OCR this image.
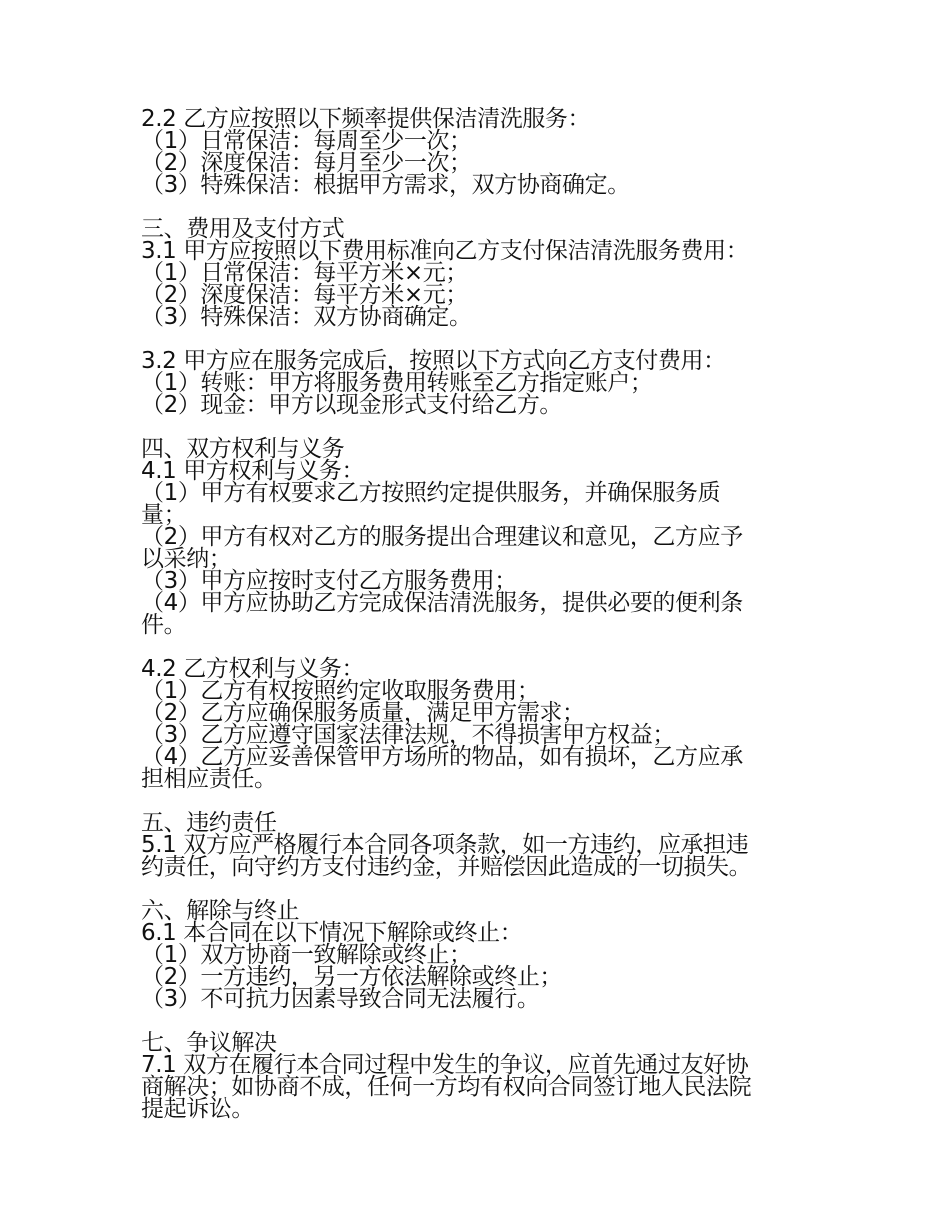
2.2 乙方应按照以下频率提供保洁清洗服务：
（1）日常保洁：每周至少一次；
（2）深度保洁：每月至少一次；
（3）特殊保洁：根据甲方需求，双方协商确定。
三、费用及支付方式
3.1 甲方应按照以下费用标准向乙方支付保洁清洗服务费用：
（1）日常保洁：每平方米×元；
（2）深度保洁：每平方米×元；
（3）特殊保洁：双方协商确定。
3.2 甲方应在服务完成后，按照以下方式向乙方支付费用：
（1）转账：甲方将服务费用转账至乙方指定账户；
（2）现金：甲方以现金形式支付给乙方。
四、双方权利与义务
4.1 甲方权利与义务：
（1）甲方有权要求乙方按照约定提供服务，并确保服务质
量；
（2）甲方有权对乙方的服务提出合理建议和意见，乙方应予
以采纳；
（3）甲方应按时支付乙方服务费用；
（4）甲方应协助乙方完成保洁清洗服务，提供必要的便利条
件。
4.2 乙方权利与义务：
（1）乙方有权按照约定收取服务费用；
（2）乙方应确保服务质量，满足甲方需求；
（3）乙方应遵守国家法律法规，不得损害甲方权益；
（4）乙方应妥善保管甲方场所的物品，如有损坏，乙方应承
担相应责任。
五、违约责任
5.1 双方应严格履行本合同各项条款，如一方违约，应承担违
约责任，向守约方支付违约金，并赔偿因此造成的一切损失。
六、解除与终止
6.1 本合同在以下情况下解除或终止：
（1）双方协商一致解除或终止；
（2）一方违约，另一方依法解除或终止；
（3）不可抗力因素导致合同无法履行。
七、争议解决
7.1 双方在履行本合同过程中发生的争议，应首先通过友好协
商解决；如协商不成，任何一方均有权向合同签订地人民法院
提起诉讼。
